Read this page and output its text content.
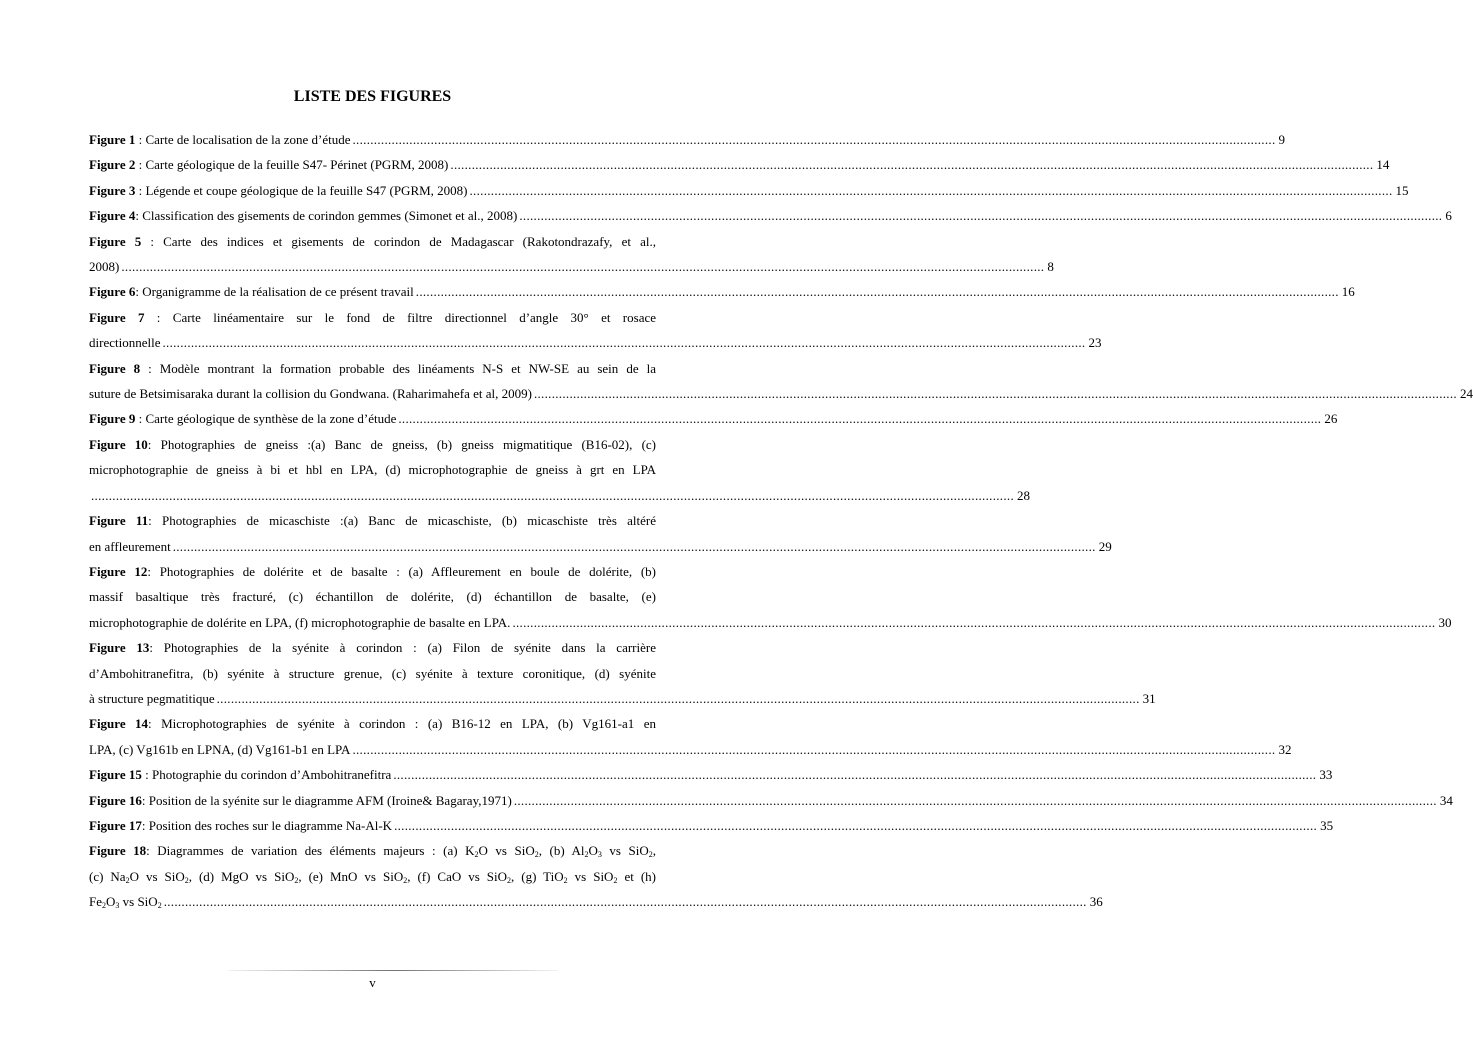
LISTE DES FIGURES
Figure 1 : Carte de localisation de la zone d’étude .................................................................................................................................................................................................................................................................... 9
Figure 2 : Carte géologique de la feuille S47- Périnet (PGRM, 2008) .................................................................................................................................................................................................................................................................... 14
Figure 3 : Légende et coupe géologique de la feuille S47 (PGRM, 2008) .................................................................................................................................................................................................................................................................... 15
Figure 4: Classification des gisements de corindon gemmes (Simonet et al., 2008) .................................................................................................................................................................................................................................................................... 6
Figure 5 : Carte des indices et gisements de corindon de Madagascar (Rakotondrazafy, et al.,
2008) .................................................................................................................................................................................................................................................................... 8
Figure 6: Organigramme de la réalisation de ce présent travail .................................................................................................................................................................................................................................................................... 16
Figure 7 : Carte linéamentaire sur le fond de filtre directionnel d’angle 30° et rosace
directionnelle .................................................................................................................................................................................................................................................................... 23
Figure 8 : Modèle montrant la formation probable des linéaments N-S et NW-SE au sein de la
suture de Betsimisaraka durant la collision du Gondwana. (Raharimahefa et al, 2009) .................................................................................................................................................................................................................................................................... 24
Figure 9 : Carte géologique de synthèse de la zone d’étude .................................................................................................................................................................................................................................................................... 26
Figure 10: Photographies de gneiss :(a) Banc de gneiss, (b) gneiss migmatitique (B16-02), (c)
microphotographie de gneiss à bi et hbl en LPA, (d) microphotographie de gneiss à grt en LPA
.................................................................................................................................................................................................................................................................... 28
Figure 11: Photographies de micaschiste :(a) Banc de micaschiste, (b) micaschiste très altéré
en affleurement .................................................................................................................................................................................................................................................................... 29
Figure 12: Photographies de dolérite et de basalte : (a) Affleurement en boule de dolérite, (b)
massif basaltique très fracturé, (c) échantillon de dolérite, (d) échantillon de basalte, (e)
microphotographie de dolérite en LPA, (f) microphotographie de basalte en LPA. .................................................................................................................................................................................................................................................................... 30
Figure 13: Photographies de la syénite à corindon : (a) Filon de syénite dans la carrière
d’Ambohitranefitra, (b) syénite à structure grenue, (c) syénite à texture coronitique, (d) syénite
à structure pegmatitique .................................................................................................................................................................................................................................................................... 31
Figure 14: Microphotographies de syénite à corindon : (a) B16-12 en LPA, (b) Vg161-a1 en
LPA, (c) Vg161b en LPNA, (d) Vg161-b1 en LPA .................................................................................................................................................................................................................................................................... 32
Figure 15 : Photographie du corindon d’Ambohitranefitra .................................................................................................................................................................................................................................................................... 33
Figure 16: Position de la syénite sur le diagramme AFM (Iroine& Bagaray,1971) .................................................................................................................................................................................................................................................................... 34
Figure 17: Position des roches sur le diagramme Na-Al-K .................................................................................................................................................................................................................................................................... 35
Figure 18: Diagrammes de variation des éléments majeurs : (a) $K_2O$ vs SiO$_2$, (b) $Al_2O_3$ vs SiO$_2$,
(c) $Na_2O$ vs SiO$_2$, (d) MgO vs SiO$_2$, (e) MnO vs SiO$_2$, (f) CaO vs SiO$_2$, (g) TiO$_2$ vs SiO$_2$ et (h)
$Fe_2O_3$ vs SiO$_2$ .................................................................................................................................................................................................................................................................... 36
v
